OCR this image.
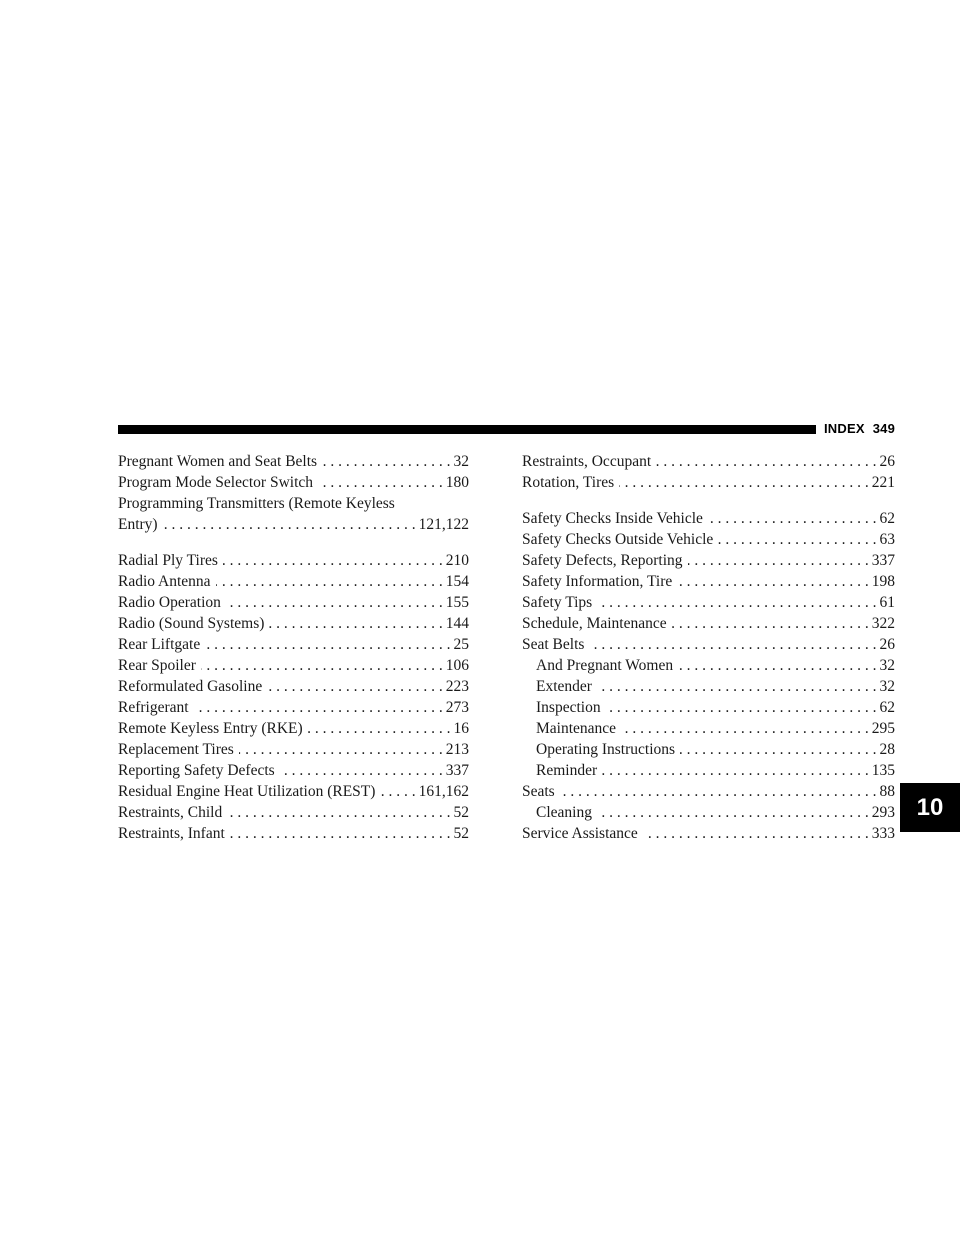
INDEX 349
Pregnant Women and Seat Belts . . .	32
Program Mode Selector Switch . . .	180
Programming Transmitters (Remote Keyless
Entry) . . .	121,122
Radial Ply Tires . . .	210
Radio Antenna . . .	154
Radio Operation . . .	155
Radio (Sound Systems) . . .	144
Rear Liftgate . . .	25
Rear Spoiler . . .	106
Reformulated Gasoline . . .	223
Refrigerant . . .	273
Remote Keyless Entry (RKE) . . .	16
Replacement Tires . . .	213
Reporting Safety Defects . . .	337
Residual Engine Heat Utilization (REST) . . .	161,162
Restraints, Child . . .	52
Restraints, Infant . . .	52
Restraints, Occupant . . .	26
Rotation, Tires . . .	221
Safety Checks Inside Vehicle . . .	62
Safety Checks Outside Vehicle . . .	63
Safety Defects, Reporting . . .	337
Safety Information, Tire . . .	198
Safety Tips . . .	61
Schedule, Maintenance . . .	322
Seat Belts . . .	26
And Pregnant Women . . .	32
Extender . . .	32
Inspection . . .	62
Maintenance . . .	295
Operating Instructions . . .	28
Reminder . . .	135
Seats . . .	88
Cleaning . . .	293
Service Assistance . . .	333
10
